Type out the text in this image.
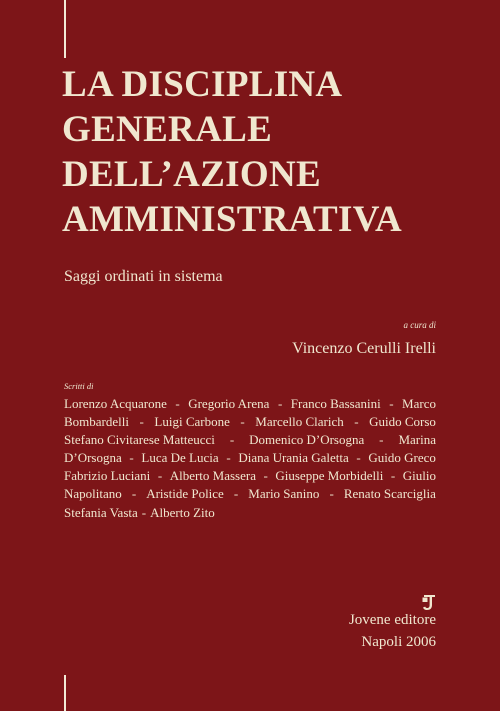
LA DISCIPLINA
GENERALE
DELL’AZIONE
AMMINISTRATIVA
Saggi ordinati in sistema
a cura di
Vincenzo Cerulli Irelli
Scritti di
Lorenzo Acquarone - Gregorio Arena - Franco Bassanini - Marco
Bombardelli - Luigi Carbone - Marcello Clarich - Guido Corso
Stefano Civitarese Matteucci - Domenico D’Orsogna - Marina
D’Orsogna - Luca De Lucia - Diana Urania Galetta - Guido Greco
Fabrizio Luciani - Alberto Massera - Giuseppe Morbidelli - Giulio
Napolitano - Aristide Police - Mario Sanino - Renato Scarciglia
Stefania Vasta - Alberto Zito
Jovene editore
Napoli 2006
